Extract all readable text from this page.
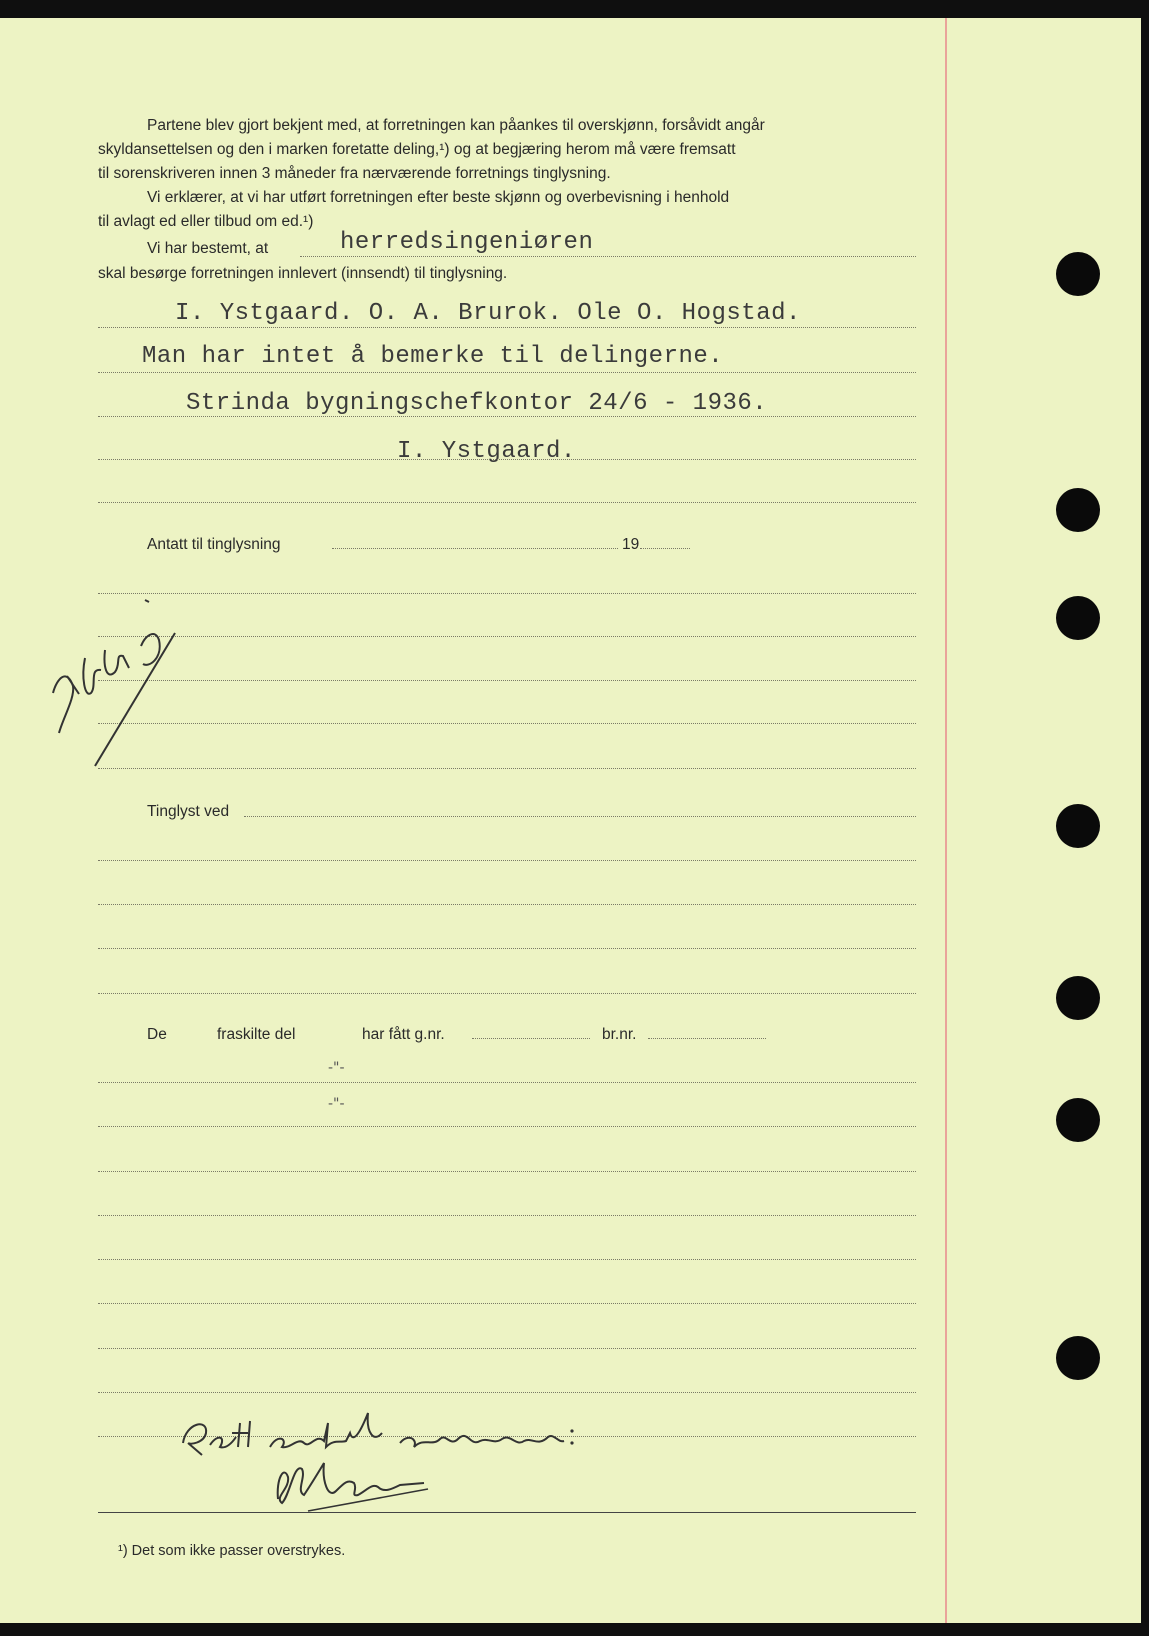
Partene blev gjort bekjent med, at forretningen kan påankes til overskjønn, forsåvidt angår
skyldansettelsen og den i marken foretatte deling,¹) og at begjæring herom må være fremsatt
til sorenskriveren innen 3 måneder fra nærværende forretnings tinglysning.
Vi erklærer, at vi har utført forretningen efter beste skjønn og overbevisning i henhold
til avlagt ed eller tilbud om ed.¹)
Vi har bestemt, at	herredsingeniøren
skal besørge forretningen innlevert (innsendt) til tinglysning.
I. Ystgaard. O. A. Brurok. Ole O. Hogstad.
Man har intet å bemerke til delingerne.
Strinda bygningschefkontor 24/6 - 1936.
I. Ystgaard.
Antatt til tinglysning	19
Tinglyst ved
De	fraskilte del	har fått g.nr.	br.nr.
-"-
-"-
¹) Det som ikke passer overstrykes.
